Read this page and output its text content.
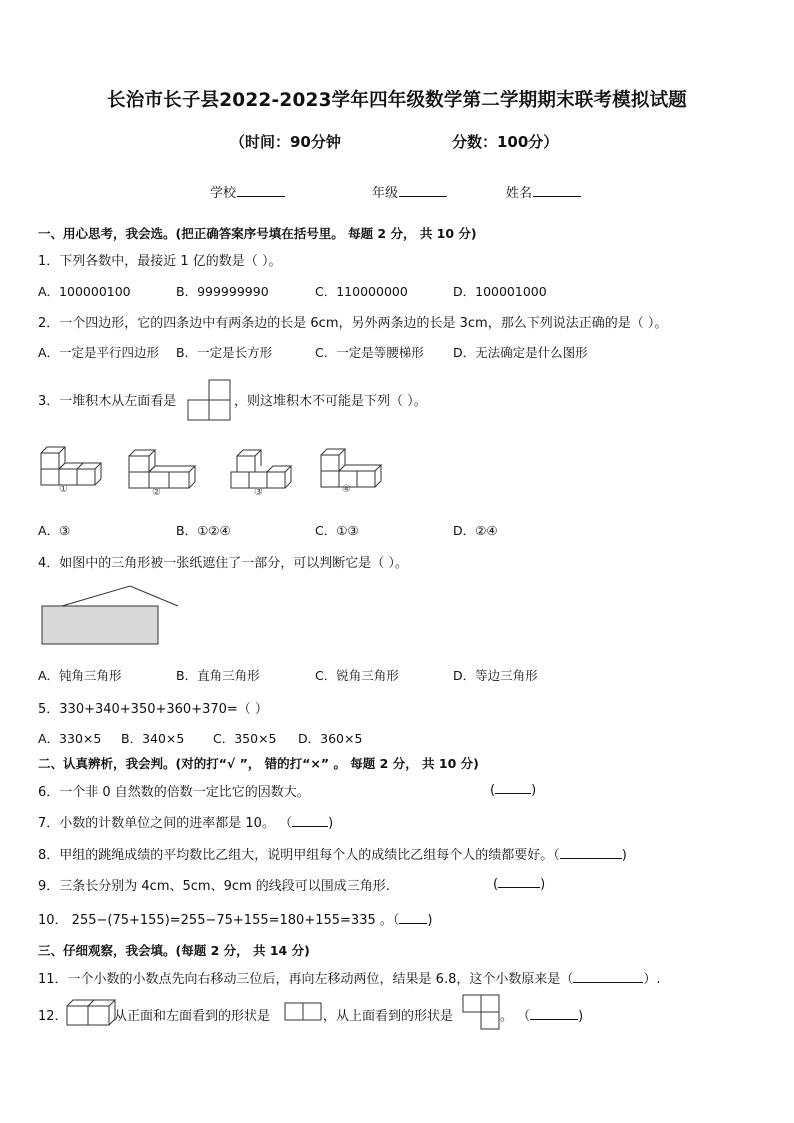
长治市长子县2022-2023学年四年级数学第二学期期末联考模拟试题
（时间：90分钟	分数：100分）
学校	年级	姓名
一、用心思考，我会选。(把正确答案序号填在括号里。 每题 2 分， 共 10 分)
1．下列各数中，最接近 1 亿的数是（ ）。
A．100000100	B．999999990	C．110000000	D．100001000
2．一个四边形，它的四条边中有两条边的长是 6cm，另外两条边的长是 3cm，那么下列说法正确的是（ ）。
A．一定是平行四边形 B．一定是长方形	C．一定是等腰梯形 D．无法确定是什么图形
3．一堆积木从左面看是	，则这堆积木不可能是下列（ ）。
①	②	③	④
A．③	B．①②④	C．①③	D．②④
4．如图中的三角形被一张纸遮住了一部分，可以判断它是（ ）。
A．钝角三角形	B．直角三角形	C．锐角三角形	D．等边三角形
5．330+340+350+360+370=（ ）
A．330×5 B．340×5 C．350×5 D．360×5
二、认真辨析，我会判。(对的打“√ ”， 错的打“×” 。 每题 2 分， 共 10 分)
6．一个非 0 自然数的倍数一定比它的因数大。	(	)
7．小数的计数单位之间的进率都是 10。 （	)
8．甲组的跳绳成绩的平均数比乙组大，说明甲组每个人的成绩比乙组每个人的绩都要好。（	)
9．三条长分别为 4cm、5cm、9cm 的线段可以围成三角形.	(	)
10． 255−(75+155)=255−75+155=180+155=335 。（ )
三、仔细观察，我会填。(每题 2 分， 共 14 分)
11．一个小数的小数点先向右移动三位后，再向左移动两位，结果是 6.8，这个小数原来是（	）.
12．	从正面和左面看到的形状是	，从上面看到的形状是	。 （	)
